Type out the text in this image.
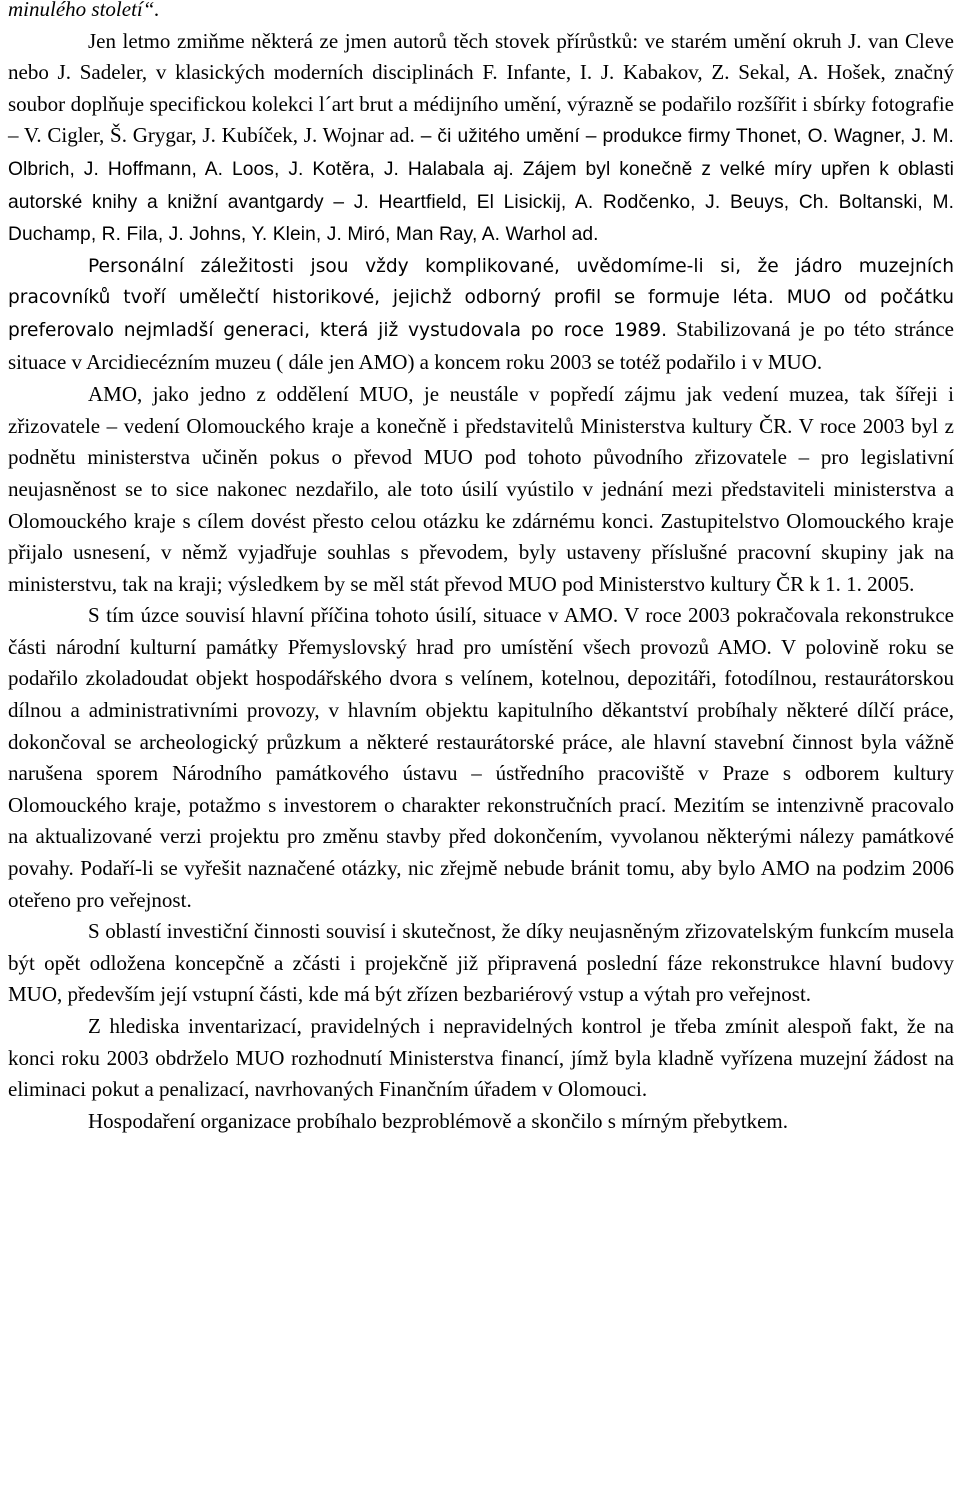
minulého století“.

Jen letmo zmiňme některá ze jmen autorů těch stovek přírůstků: ve starém umění okruh J. van Cleve nebo J. Sadeler, v klasických moderních disciplinách F. Infante, I. J. Kabakov, Z. Sekal, A. Hošek, značný soubor doplňuje specifickou kolekci l´art brut a médijního umění, výrazně se podařilo rozšířit i sbírky fotografie – V. Cigler, Š. Grygar, J. Kubíček, J. Wojnar ad. – či užitého umění – produkce firmy Thonet, O. Wagner, J. M. Olbrich, J. Hoffmann, A. Loos, J. Kotěra, J. Halabala aj. Zájem byl konečně z velké míry upřen k oblasti autorské knihy a knižní avantgardy – J. Heartfield, El Lisickij, A. Rodčenko, J. Beuys, Ch. Boltanski, M. Duchamp, R. Fila, J. Johns, Y. Klein, J. Miró, Man Ray, A. Warhol ad.

Personální záležitosti jsou vždy komplikované, uvědomíme-li si, že jádro muzejních pracovníků tvoří umělečtí historikové, jejichž odborný profil se formuje léta. MUO od počátku preferovalo nejmladší generaci, která již vystudovala po roce 1989. Stabilizovaná je po této stránce situace v Arcidiecézním muzeu ( dále jen AMO) a koncem roku 2003 se totéž podařilo i v MUO.

AMO, jako jedno z oddělení MUO, je neustále v popředí zájmu jak vedení muzea, tak šířeji i zřizovatele – vedení Olomouckého kraje a konečně i představitelů Ministerstva kultury ČR. V roce 2003 byl z podnětu ministerstva učiněn pokus o převod MUO pod tohoto původního zřizovatele – pro legislativní neujasněnost se to sice nakonec nezdařilo, ale toto úsilí vyústilo v jednání mezi představiteli ministerstva a Olomouckého kraje s cílem dovést přesto celou otázku ke zdárnému konci. Zastupitelstvo Olomouckého kraje přijalo usnesení, v němž vyjadřuje souhlas s převodem, byly ustaveny příslušné pracovní skupiny jak na ministerstvu, tak na kraji; výsledkem by se měl stát převod MUO pod Ministerstvo kultury ČR k 1. 1. 2005.

S tím úzce souvisí hlavní příčina tohoto úsilí, situace v AMO. V roce 2003 pokračovala rekonstrukce části národní kulturní památky Přemyslovský hrad pro umístění všech provozů AMO. V polovině roku se podařilo zkoladoudat objekt hospodářského dvora s velínem, kotelnou, depozitáři, fotodílnou, restaurátorskou dílnou a administrativními provozy, v hlavním objektu kapitulního děkantství probíhaly některé dílčí práce, dokončoval se archeologický průzkum a některé restaurátorské práce, ale hlavní stavební činnost byla vážně narušena sporem Národního památkového ústavu – ústředního pracoviště v Praze s odborem kultury Olomouckého kraje, potažmo s investorem o charakter rekonstručních prací. Mezitím se intenzivně pracovalo na aktualizované verzi projektu pro změnu stavby před dokončením, vyvolanou některými nálezy památkové povahy. Podaří-li se vyřešit naznačené otázky, nic zřejmě nebude bránit tomu, aby bylo AMO na podzim 2006 oteřeno pro veřejnost.

S oblastí investiční činnosti souvisí i skutečnost, že díky neujasněným zřizovatelským funkcím musela být opět odložena koncepčně a zčásti i projekčně již připravená poslední fáze rekonstrukce hlavní budovy MUO, především její vstupní části, kde má být zřízen bezbariérový vstup a výtah pro veřejnost.

Z hlediska inventarizací, pravidelných i nepravidelných kontrol je třeba zmínit alespoň fakt, že na konci roku 2003 obdrželo MUO rozhodnutí Ministerstva financí, jímž byla kladně vyřízena muzejní žádost na eliminaci pokut a penalizací, navrhovaných Finančním úřadem v Olomouci.

Hospodaření organizace probíhalo bezproblémově a skončilo s mírným přebytkem.
